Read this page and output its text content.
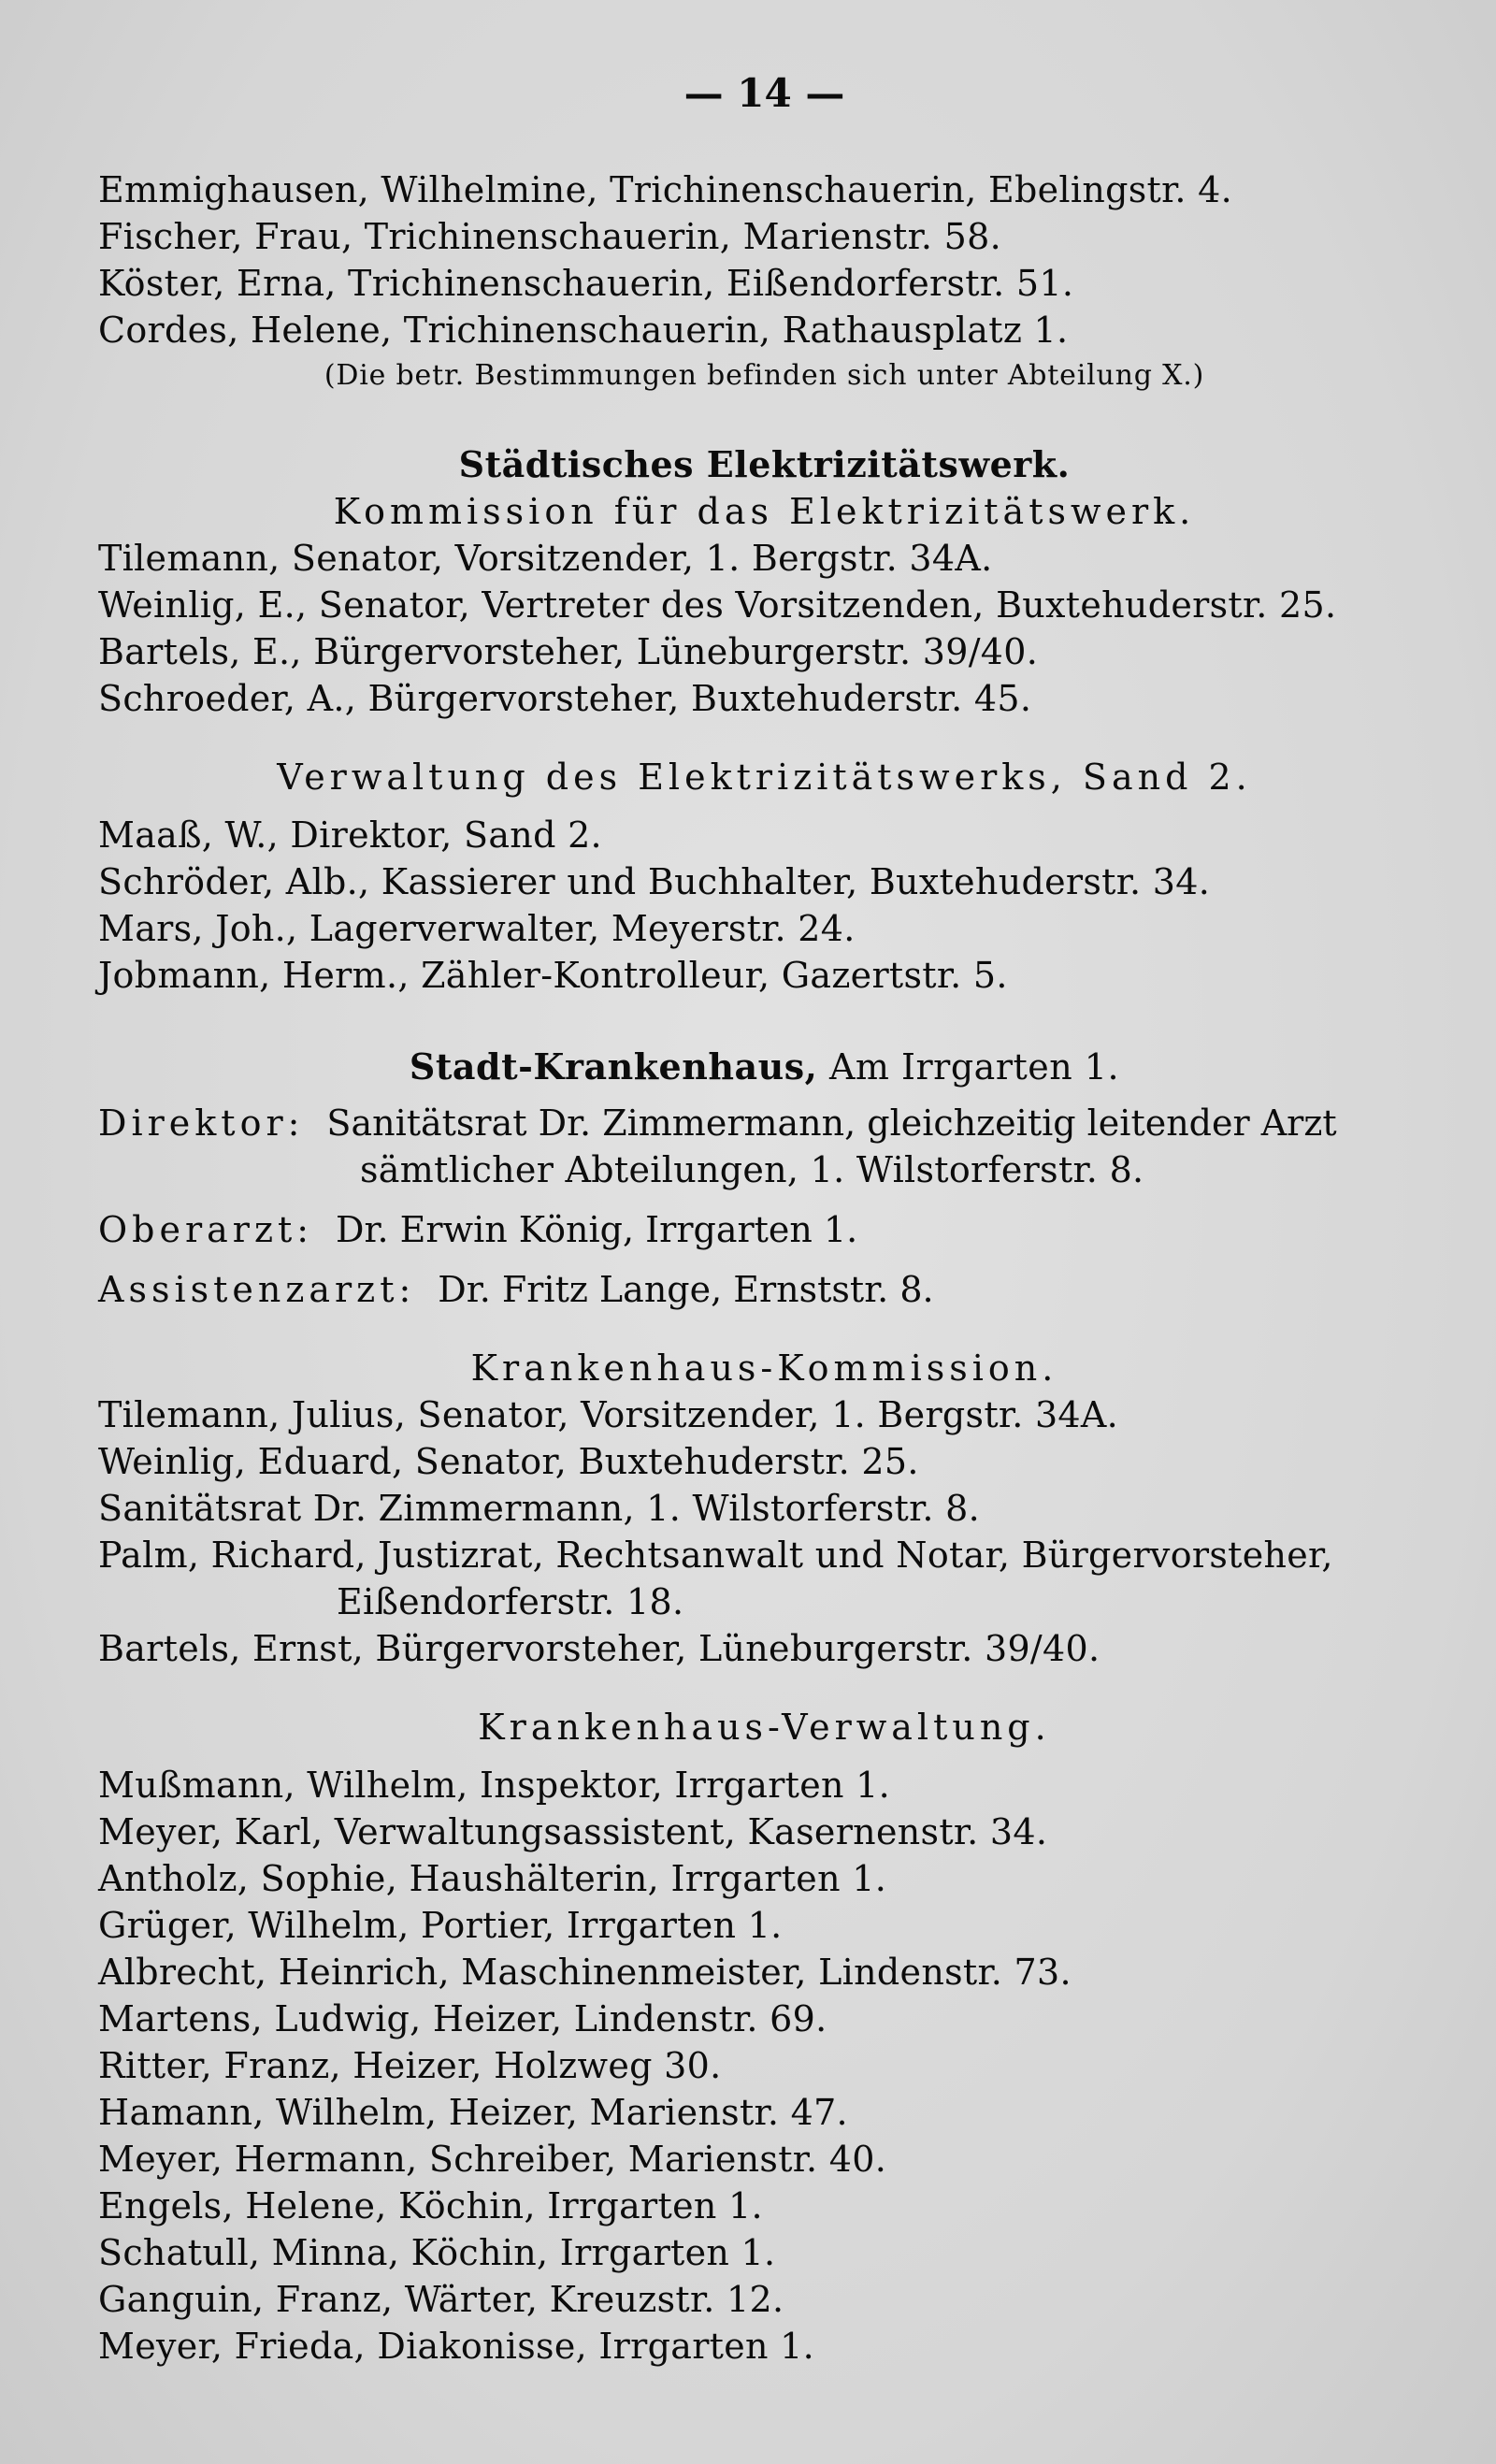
— 14 —
Emmighausen, Wilhelmine, Trichinenschauerin, Ebelingstr. 4.
Fischer, Frau, Trichinenschauerin, Marienstr. 58.
Köster, Erna, Trichinenschauerin, Eißendorferstr. 51.
Cordes, Helene, Trichinenschauerin, Rathausplatz 1.
(Die betr. Bestimmungen befinden sich unter Abteilung X.)
Städtisches Elektrizitätswerk.
Kommission für das Elektrizitätswerk.
Tilemann, Senator, Vorsitzender, 1. Bergstr. 34A.
Weinlig, E., Senator, Vertreter des Vorsitzenden, Buxtehuderstr. 25.
Bartels, E., Bürgervorsteher, Lüneburgerstr. 39/40.
Schroeder, A., Bürgervorsteher, Buxtehuderstr. 45.
Verwaltung des Elektrizitätswerks, Sand 2.
Maaß, W., Direktor, Sand 2.
Schröder, Alb., Kassierer und Buchhalter, Buxtehuderstr. 34.
Mars, Joh., Lagerverwalter, Meyerstr. 24.
Jobmann, Herm., Zähler-Kontrolleur, Gazertstr. 5.
Stadt-Krankenhaus, Am Irrgarten 1.
Direktor: Sanitätsrat Dr. Zimmermann, gleichzeitig leitender Arzt
sämtlicher Abteilungen, 1. Wilstorferstr. 8.
Oberarzt: Dr. Erwin König, Irrgarten 1.
Assistenzarzt: Dr. Fritz Lange, Ernststr. 8.
Krankenhaus-Kommission.
Tilemann, Julius, Senator, Vorsitzender, 1. Bergstr. 34A.
Weinlig, Eduard, Senator, Buxtehuderstr. 25.
Sanitätsrat Dr. Zimmermann, 1. Wilstorferstr. 8.
Palm, Richard, Justizrat, Rechtsanwalt und Notar, Bürgervorsteher,
Eißendorferstr. 18.
Bartels, Ernst, Bürgervorsteher, Lüneburgerstr. 39/40.
Krankenhaus-Verwaltung.
Mußmann, Wilhelm, Inspektor, Irrgarten 1.
Meyer, Karl, Verwaltungsassistent, Kasernenstr. 34.
Antholz, Sophie, Haushälterin, Irrgarten 1.
Grüger, Wilhelm, Portier, Irrgarten 1.
Albrecht, Heinrich, Maschinenmeister, Lindenstr. 73.
Martens, Ludwig, Heizer, Lindenstr. 69.
Ritter, Franz, Heizer, Holzweg 30.
Hamann, Wilhelm, Heizer, Marienstr. 47.
Meyer, Hermann, Schreiber, Marienstr. 40.
Engels, Helene, Köchin, Irrgarten 1.
Schatull, Minna, Köchin, Irrgarten 1.
Ganguin, Franz, Wärter, Kreuzstr. 12.
Meyer, Frieda, Diakonisse, Irrgarten 1.
